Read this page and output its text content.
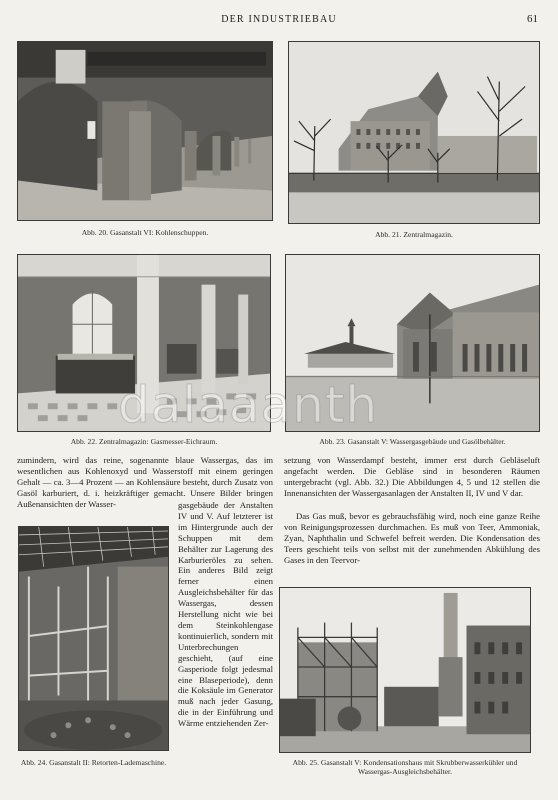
DER INDUSTRIEBAU	61
Abb. 20. Gasanstalt VI: Kohlenschuppen.	Abb. 21. Zentralmagazin.
Abb. 22. Zentralmagazin: Gasmesser-Eichraum.	Abb. 23. Gasanstalt V: Wassergasgebäude und Gasölbehälter.
dalaaanth
zumindern, wird das reine, sogenannte blaue Wassergas, das im wesentlichen aus Kohlenoxyd und Wasserstoff mit einem geringen Gehalt — ca. 3—4 Prozent — an Kohlensäure besteht, durch Zusatz von Gasöl karburiert, d. i. heizkräftiger gemacht. Unsere Bilder bringen Außenansichten der Wasser-
Abb. 24. Gasanstalt II: Retorten-Lademaschine.
gasgebäude der Anstalten IV und V. Auf letzterer ist im Hintergrunde auch der Schuppen mit dem Behälter zur Lagerung des Karburieröles zu sehen. Ein anderes Bild zeigt ferner einen Ausgleichsbehälter für das Wassergas, dessen Herstellung nicht wie bei dem Steinkohlengase kontinuierlich, sondern mit Unterbrechungen geschieht, (auf eine Gasperiode folgt jedesmal eine Blaseperiode), denn die Koksäule im Generator muß nach jeder Gasung, die in der Einführung und Wärme entziehenden Zer-
setzung von Wasserdampf besteht, immer erst durch Gebläseluft angefacht werden. Die Gebläse sind in besonderen Räumen untergebracht (vgl. Abb. 32.) Die Abbildungen 4, 5 und 12 stellen die Innenansichten der Wassergasanlagen der Anstalten II, IV und V dar.
Das Gas muß, bevor es gebrauchsfähig wird, noch eine ganze Reihe von Reinigungsprozessen durchmachen. Es muß von Teer, Ammoniak, Zyan, Naphthalin und Schwefel befreit werden. Die Kondensation des Teers geschieht teils von selbst mit der zunehmenden Abkühlung des Gases in den Teervor-
Abb. 25. Gasanstalt V: Kondensationshaus mit Skrubberwasserkühler und Wassergas-Ausgleichsbehälter.
